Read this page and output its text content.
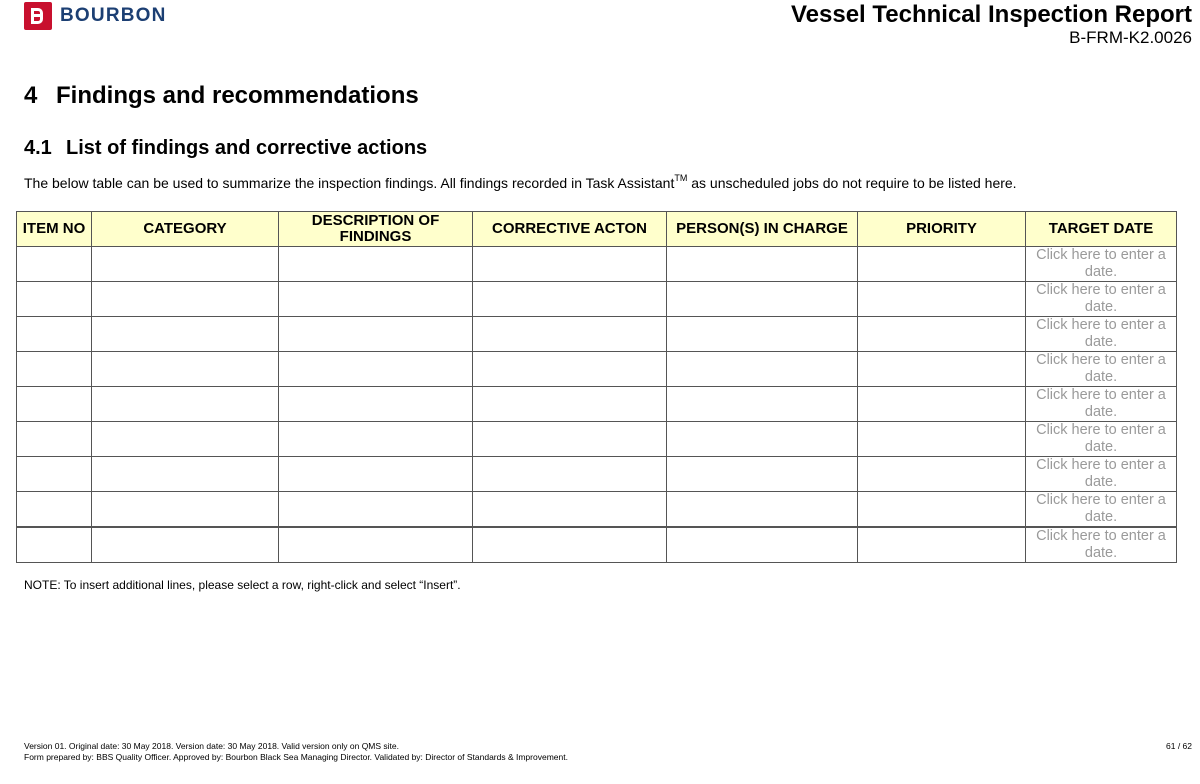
BOURBON	Vessel Technical Inspection Report
B-FRM-K2.0026
4 Findings and recommendations
4.1 List of findings and corrective actions
The below table can be used to summarize the inspection findings. All findings recorded in Task Assistant™ as unscheduled jobs do not require to be listed here.
ITEM NO	CATEGORY	DESCRIPTION OF FINDINGS	CORRECTIVE ACTON	PERSON(S) IN CHARGE	PRIORITY	TARGET DATE
						Click here to enter a date.
						Click here to enter a date.
						Click here to enter a date.
						Click here to enter a date.
						Click here to enter a date.
						Click here to enter a date.
						Click here to enter a date.
						Click here to enter a date.
						Click here to enter a date.
NOTE: To insert additional lines, please select a row, right-click and select “Insert”.
Version 01. Original date: 30 May 2018. Version date: 30 May 2018. Valid version only on QMS site.
Form prepared by: BBS Quality Officer. Approved by: Bourbon Black Sea Managing Director. Validated by: Director of Standards & Improvement.
61 / 62
